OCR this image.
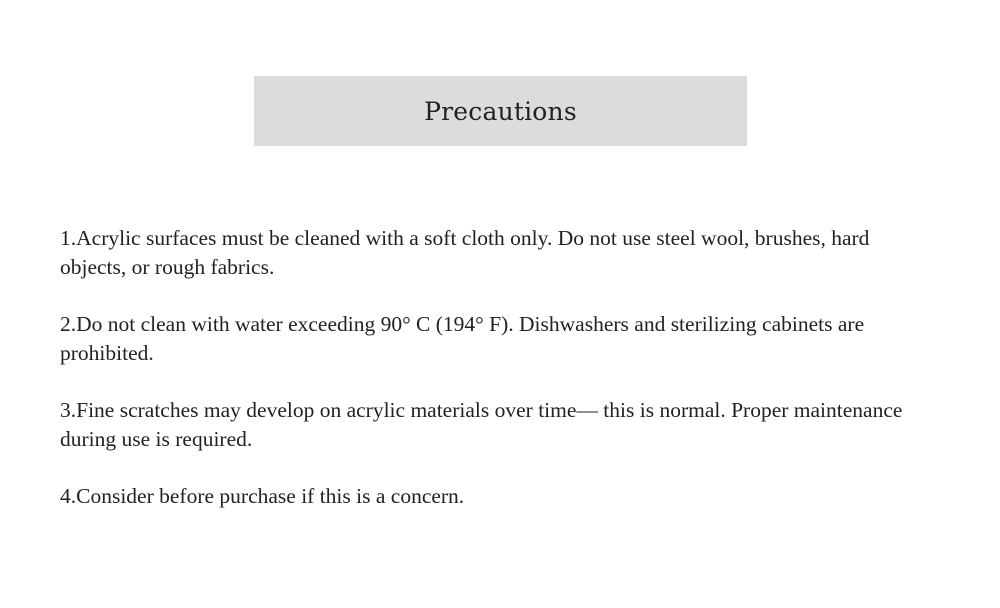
Precautions
1.Acrylic surfaces must be cleaned with a soft cloth only. Do not use steel wool, brushes, hard objects, or rough fabrics.
2.Do not clean with water exceeding 90° C (194° F). Dishwashers and sterilizing cabinets are prohibited.
3.Fine scratches may develop on acrylic materials over time— this is normal. Proper maintenance during use is required.
4.Consider before purchase if this is a concern.
